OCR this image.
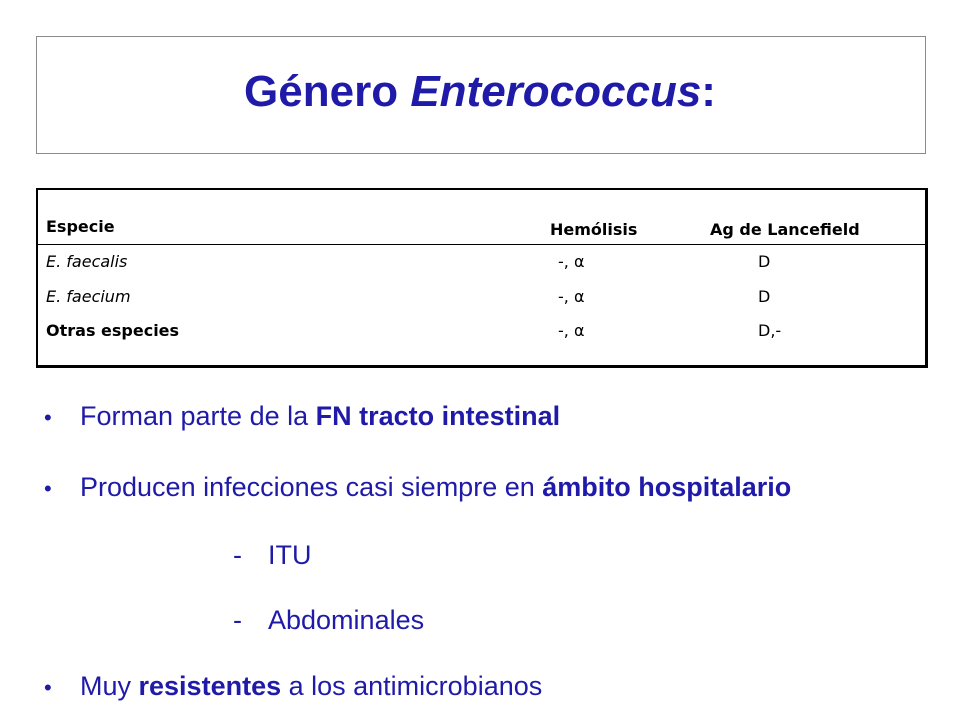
Género Enterococcus:
Especie	Hemólisis	Ag de Lancefield
E. faecalis	-, α	D
E. faecium	-, α	D
Otras especies	-, α	D,-
• Forman parte de la FN tracto intestinal
• Producen infecciones casi siempre en ámbito hospitalario
- ITU
- Abdominales
• Muy resistentes a los antimicrobianos
